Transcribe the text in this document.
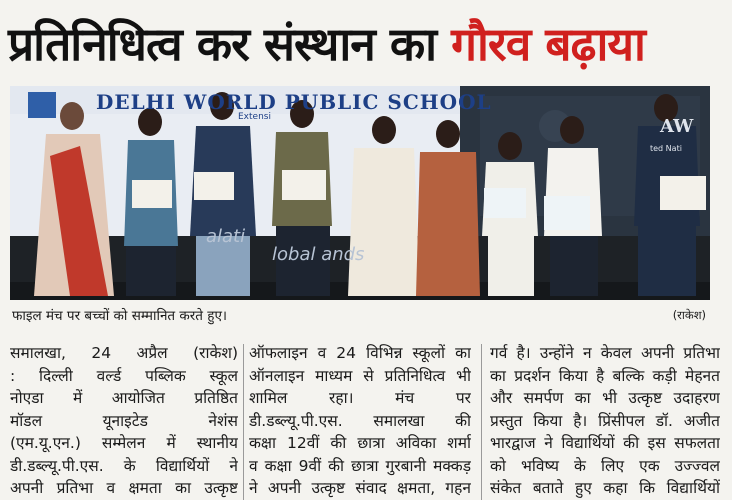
प्रतिनिधित्व कर संस्थान का गौरव बढ़ाया
DELHI WORLD PUBLIC SCHOOL
Extensi	AW
ted Nati
alati
lobal ands
फाइल मंच पर बच्चों को सम्मानित करते हुए।	(राकेश)
समालखा, 24 अप्रैल (राकेश)
: दिल्ली वर्ल्ड पब्लिक स्कूल
नोएडा में आयोजित प्रतिष्ठित
मॉडल यूनाइटेड नेशंस
(एम.यू.एन.) सम्मेलन में स्थानीय
डी.डब्ल्यू.पी.एस. के विद्यार्थियों ने
अपनी प्रतिभा व क्षमता का उत्कृष्ट
ऑफलाइन व 24 विभिन्न स्कूलों का
ऑनलाइन माध्यम से प्रतिनिधित्व भी
शामिल रहा। मंच पर
डी.डब्ल्यू.पी.एस. समालखा की
कक्षा 12वीं की छात्रा अविका शर्मा
व कक्षा 9वीं की छात्रा गुरबानी मक्कड़
ने अपनी उत्कृष्ट संवाद क्षमता, गहन
गर्व है। उन्होंने न केवल अपनी प्रतिभा
का प्रदर्शन किया है बल्कि कड़ी मेहनत
और समर्पण का भी उत्कृष्ट उदाहरण
प्रस्तुत किया है। प्रिंसीपल डॉ. अजीत
भारद्वाज ने विद्यार्थियों की इस सफलता
को भविष्य के लिए एक उज्ज्वल
संकेत बताते हुए कहा कि विद्यार्थियों
